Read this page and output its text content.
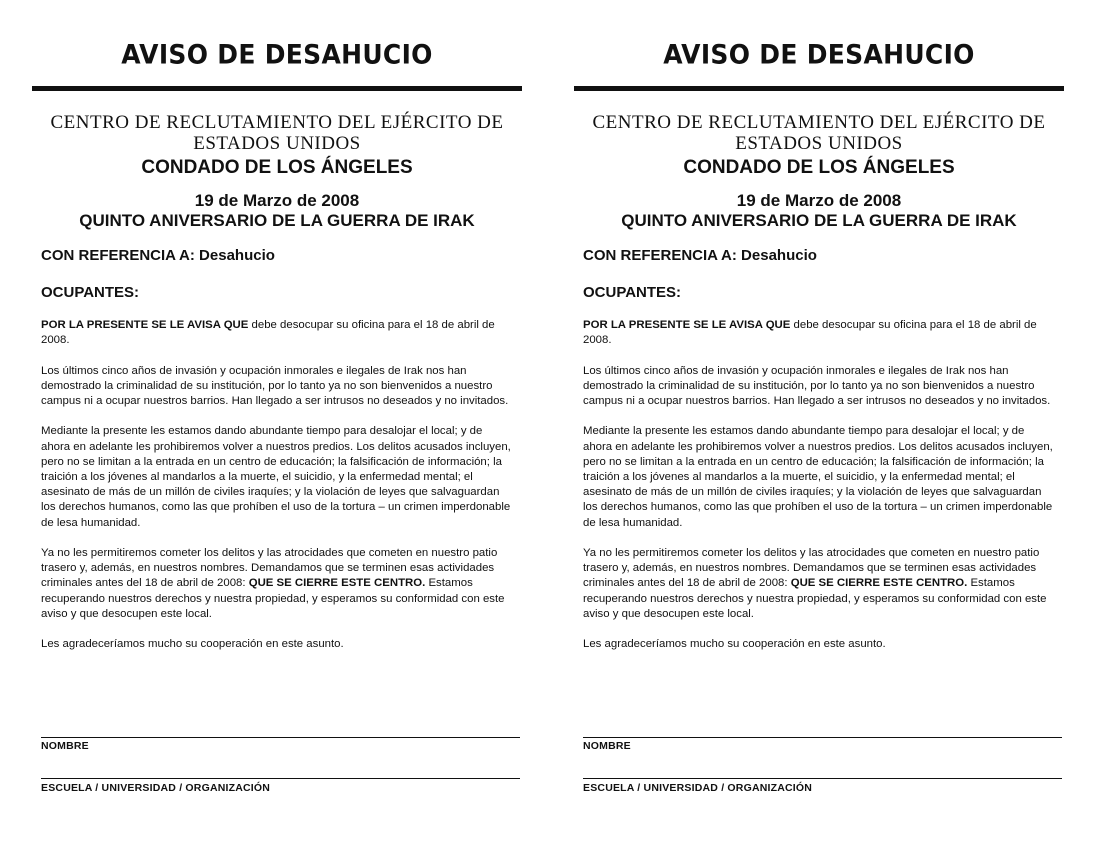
AVISO DE DESAHUCIO
CENTRO DE RECLUTAMIENTO DEL EJÉRCITO DE
ESTADOS UNIDOS
CONDADO DE LOS ÁNGELES
19 de Marzo de 2008
QUINTO ANIVERSARIO DE LA GUERRA DE IRAK
CON REFERENCIA A: Desahucio
OCUPANTES:

POR LA PRESENTE SE LE AVISA QUE debe desocupar su oficina para el 18 de abril de 2008.

Los últimos cinco años de invasión y ocupación inmorales e ilegales de Irak nos han demostrado la criminalidad de su institución, por lo tanto ya no son bienvenidos a nuestro campus ni a ocupar nuestros barrios. Han llegado a ser intrusos no deseados y no invitados.

Mediante la presente les estamos dando abundante tiempo para desalojar el local; y de ahora en adelante les prohibiremos volver a nuestros predios. Los delitos acusados incluyen, pero no se limitan a la entrada en un centro de educación; la falsificación de información; la traición a los jóvenes al mandarlos a la muerte, el suicidio, y la enfermedad mental; el asesinato de más de un millón de civiles iraquíes; y la violación de leyes que salvaguardan los derechos humanos, como las que prohíben el uso de la tortura – un crimen imperdonable de lesa humanidad.

Ya no les permitiremos cometer los delitos y las atrocidades que cometen en nuestro patio trasero y, además, en nuestros nombres. Demandamos que se terminen esas actividades criminales antes del 18 de abril de 2008: QUE SE CIERRE ESTE CENTRO. Estamos recuperando nuestros derechos y nuestra propiedad, y esperamos su conformidad con este aviso y que desocupen este local.

Les agradeceríamos mucho su cooperación en este asunto.

NOMBRE
ESCUELA / UNIVERSIDAD / ORGANIZACIÓN
AVISO DE DESAHUCIO
CENTRO DE RECLUTAMIENTO DEL EJÉRCITO DE
ESTADOS UNIDOS
CONDADO DE LOS ÁNGELES
19 de Marzo de 2008
QUINTO ANIVERSARIO DE LA GUERRA DE IRAK
CON REFERENCIA A: Desahucio
OCUPANTES:

POR LA PRESENTE SE LE AVISA QUE debe desocupar su oficina para el 18 de abril de 2008.

Los últimos cinco años de invasión y ocupación inmorales e ilegales de Irak nos han demostrado la criminalidad de su institución, por lo tanto ya no son bienvenidos a nuestro campus ni a ocupar nuestros barrios. Han llegado a ser intrusos no deseados y no invitados.

Mediante la presente les estamos dando abundante tiempo para desalojar el local; y de ahora en adelante les prohibiremos volver a nuestros predios. Los delitos acusados incluyen, pero no se limitan a la entrada en un centro de educación; la falsificación de información; la traición a los jóvenes al mandarlos a la muerte, el suicidio, y la enfermedad mental; el asesinato de más de un millón de civiles iraquíes; y la violación de leyes que salvaguardan los derechos humanos, como las que prohíben el uso de la tortura – un crimen imperdonable de lesa humanidad.

Ya no les permitiremos cometer los delitos y las atrocidades que cometen en nuestro patio trasero y, además, en nuestros nombres. Demandamos que se terminen esas actividades criminales antes del 18 de abril de 2008: QUE SE CIERRE ESTE CENTRO. Estamos recuperando nuestros derechos y nuestra propiedad, y esperamos su conformidad con este aviso y que desocupen este local.

Les agradeceríamos mucho su cooperación en este asunto.

NOMBRE
ESCUELA / UNIVERSIDAD / ORGANIZACIÓN
